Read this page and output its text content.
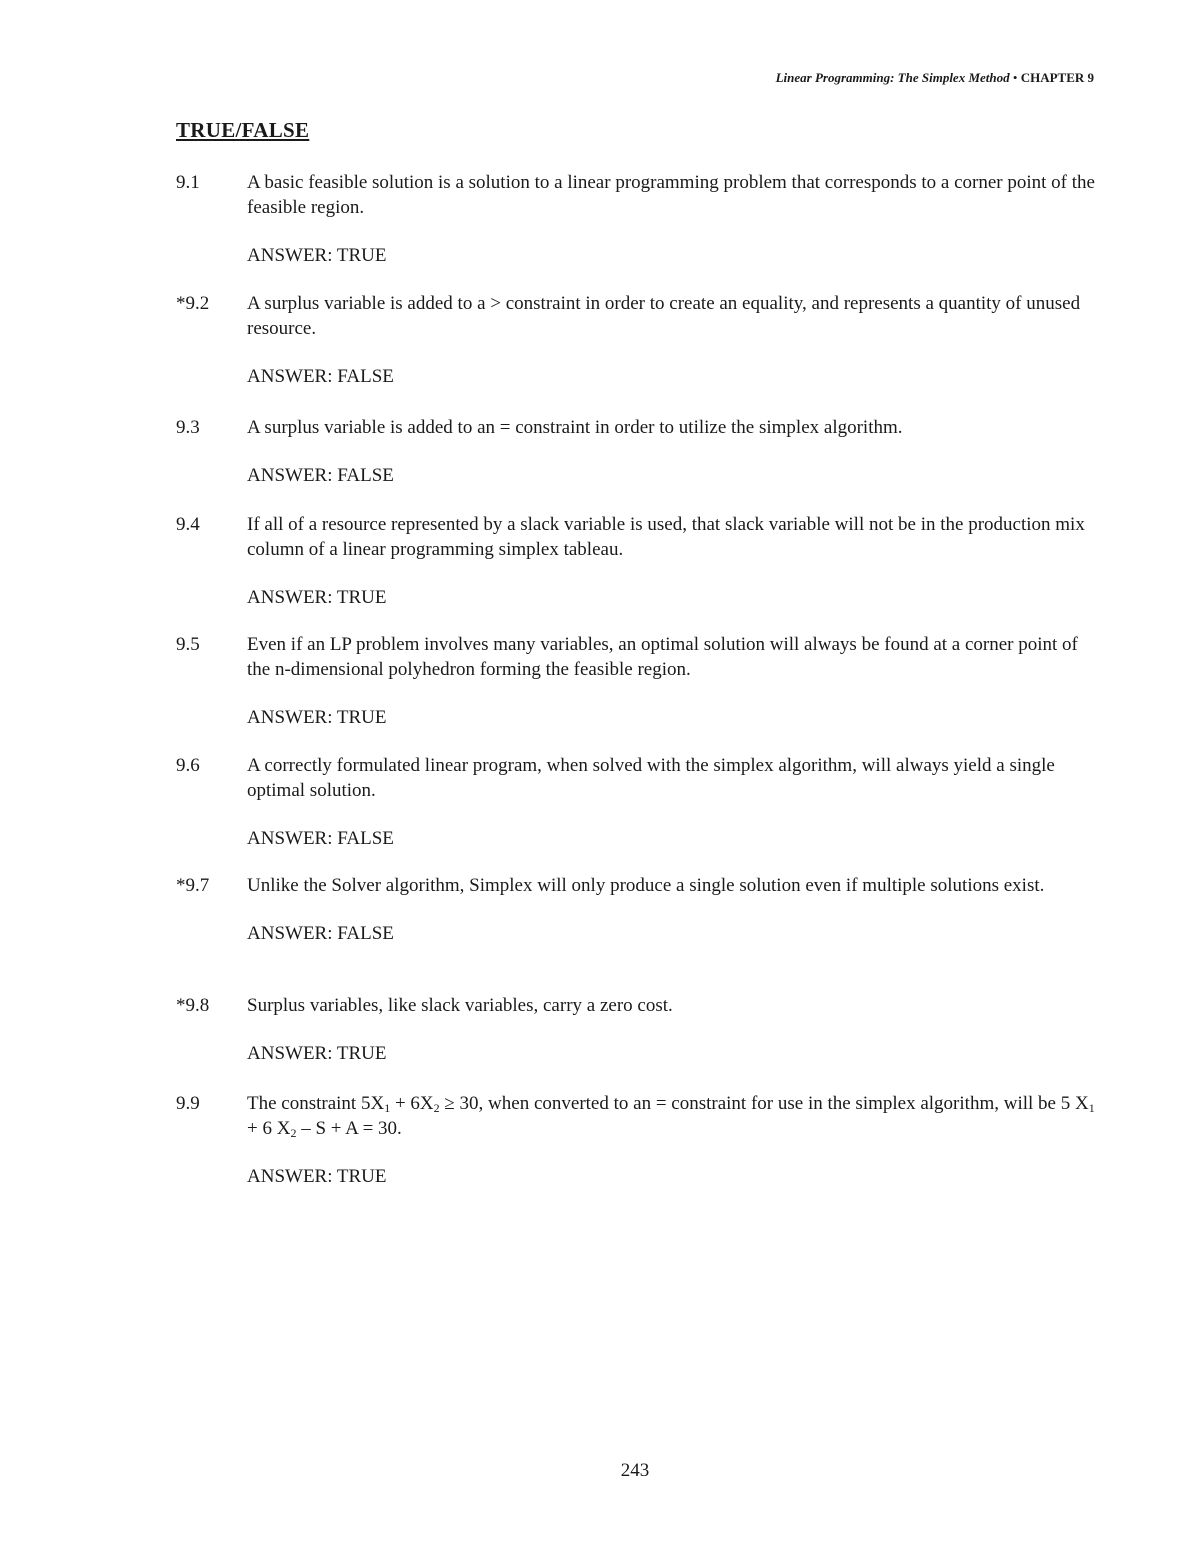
Linear Programming: The Simplex Method • CHAPTER 9
TRUE/FALSE
9.1	A basic feasible solution is a solution to a linear programming problem that corresponds to a corner point of the feasible region.
ANSWER: TRUE
*9.2	A surplus variable is added to a > constraint in order to create an equality, and represents a quantity of unused resource.
ANSWER: FALSE
9.3	A surplus variable is added to an = constraint in order to utilize the simplex algorithm.
ANSWER: FALSE
9.4	If all of a resource represented by a slack variable is used, that slack variable will not be in the production mix column of a linear programming simplex tableau.
ANSWER: TRUE
9.5	Even if an LP problem involves many variables, an optimal solution will always be found at a corner point of the n-dimensional polyhedron forming the feasible region.
ANSWER: TRUE
9.6	A correctly formulated linear program, when solved with the simplex algorithm, will always yield a single optimal solution.
ANSWER: FALSE
*9.7	Unlike the Solver algorithm, Simplex will only produce a single solution even if multiple solutions exist.
ANSWER: FALSE
*9.8	Surplus variables, like slack variables, carry a zero cost.
ANSWER: TRUE
9.9	The constraint $5X_1 + 6X_2 \ge 30$, when converted to an = constraint for use in the simplex algorithm, will be 5 $X_1 + 6$ $X_2 - S + A = 30$.
ANSWER: TRUE
243
